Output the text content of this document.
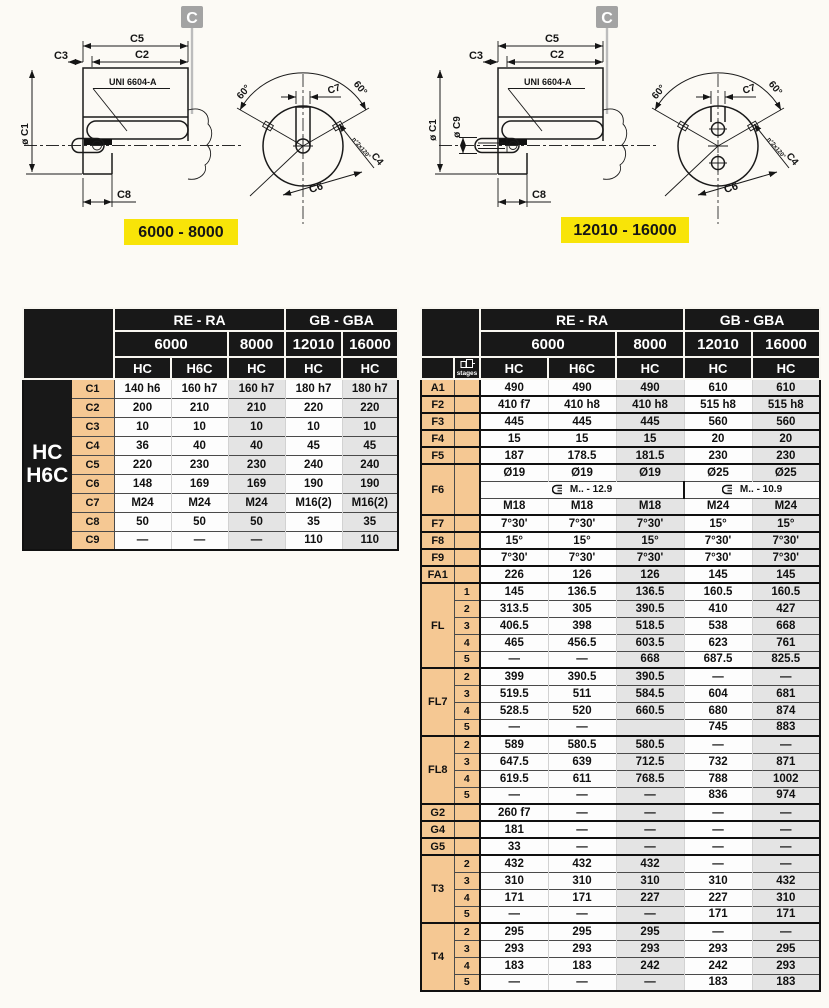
C
C5
C2
C3
ø C1
C8
UNI 6604-A
60°	60°
C7
n°2x120°
C4
C6
6000 - 8000
C
C5
C2
C3
ø C1 ø C9
C8
UNI 6604-A
60°	60°
C7
n°2x120°
C4
C6
12010 - 16000
		RE - RA			GB - GBA	
		6000		8000	12010	16000
		HC	H6C	HC	HC	HC

HC
H6C	C1	140 h6	160 h7	160 h7	180 h7	180 h7
	C2	200	210	210	220	220
	C3	10	10	10	10	10
	C4	36	40	40	45	45
	C5	220	230	230	240	240
	C6	148	169	169	190	190
	C7	M24	M24	M24	M16(2)	M16(2)
	C8	50	50	50	35	35
	C9	—	—	—	110	110
		RE - RA			GB - GBA	
		6000		8000	12010	16000

	stages	HC	H6C	HC	HC	HC
A1		490	490	490	610	610
F2		410 f7	410 h8	410 h8	515 h8	515 h8
F3		445	445	445	560	560
F4		15	15	15	20	20
F5		187	178.5	181.5	230	230
F6		Ø19	Ø19	Ø19	Ø25	Ø25
		M.. - 12.9			M.. - 10.9	
		M18	M18	M18	M24	M24
F7		7°30'	7°30'	7°30'	15°	15°
F8		15°	15°	15°	7°30'	7°30'
F9		7°30'	7°30'	7°30'	7°30'	7°30'
FA1		226	126	126	145	145
FL	1	145	136.5	136.5	160.5	160.5
	2	313.5	305	390.5	410	427
	3	406.5	398	518.5	538	668
	4	465	456.5	603.5	623	761
	5	—	—	668	687.5	825.5
FL7	2	399	390.5	390.5	—	—
	3	519.5	511	584.5	604	681
	4	528.5	520	660.5	680	874
	5	—	—		745	883
FL8	2	589	580.5	580.5	—	—
	3	647.5	639	712.5	732	871
	4	619.5	611	768.5	788	1002
	5	—	—	—	836	974
G2		260 f7	—	—	—	—
G4		181	—	—	—	—
G5		33	—	—	—	—
T3	2	432	432	432	—	—
	3	310	310	310	310	432
	4	171	171	227	227	310
	5	—	—	—	171	171
T4	2	295	295	295	—	—
	3	293	293	293	293	295
	4	183	183	242	242	293
	5	—	—	—	183	183
